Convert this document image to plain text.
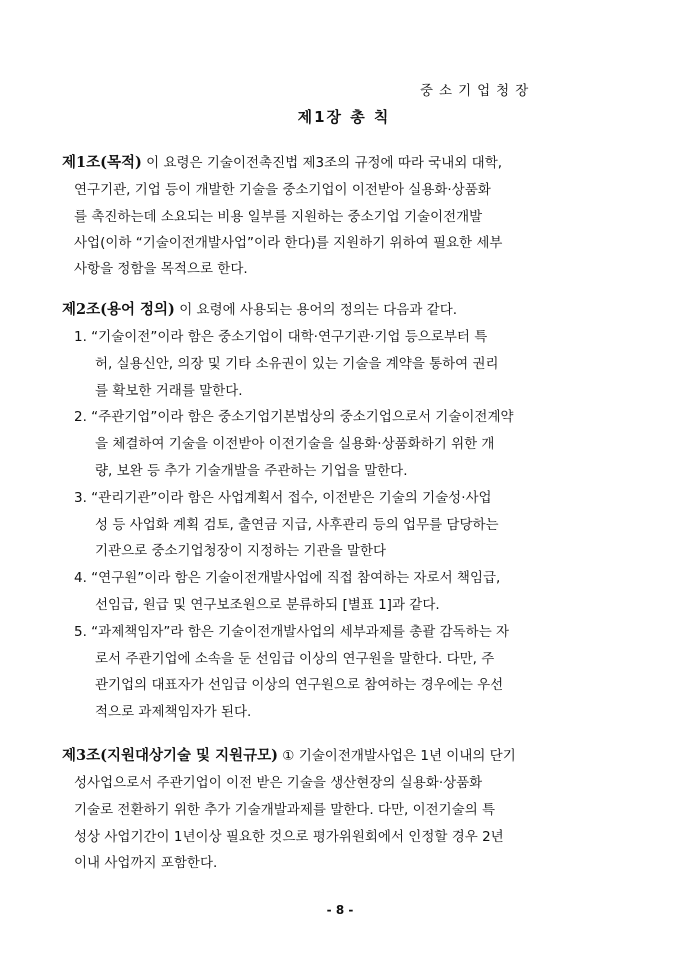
중소기업청장
제1장 총 칙
제1조(목적) 이 요령은 기술이전촉진법 제3조의 규정에 따라 국내외 대학,
연구기관, 기업 등이 개발한 기술을 중소기업이 이전받아 실용화·상품화
를 촉진하는데 소요되는 비용 일부를 지원하는 중소기업 기술이전개발
사업(이하 “기술이전개발사업”이라 한다)를 지원하기 위하여 필요한 세부
사항을 정함을 목적으로 한다.
제2조(용어 정의) 이 요령에 사용되는 용어의 정의는 다음과 같다.
1. “기술이전”이라 함은 중소기업이 대학·연구기관·기업 등으로부터 특
허, 실용신안, 의장 및 기타 소유권이 있는 기술을 계약을 통하여 권리
를 확보한 거래를 말한다.
2. “주관기업”이라 함은 중소기업기본법상의 중소기업으로서 기술이전계약
을 체결하여 기술을 이전받아 이전기술을 실용화·상품화하기 위한 개
량, 보완 등 추가 기술개발을 주관하는 기업을 말한다.
3. “관리기관”이라 함은 사업계획서 접수, 이전받은 기술의 기술성·사업
성 등 사업화 계획 검토, 출연금 지급, 사후관리 등의 업무를 담당하는
기관으로 중소기업청장이 지정하는 기관을 말한다
4. “연구원”이라 함은 기술이전개발사업에 직접 참여하는 자로서 책임급,
선임급, 원급 및 연구보조원으로 분류하되 [별표 1]과 같다.
5. “과제책임자”라 함은 기술이전개발사업의 세부과제를 총괄 감독하는 자
로서 주관기업에 소속을 둔 선임급 이상의 연구원을 말한다. 다만, 주
관기업의 대표자가 선임급 이상의 연구원으로 참여하는 경우에는 우선
적으로 과제책임자가 된다.
제3조(지원대상기술 및 지원규모) ① 기술이전개발사업은 1년 이내의 단기
성사업으로서 주관기업이 이전 받은 기술을 생산현장의 실용화·상품화
기술로 전환하기 위한 추가 기술개발과제를 말한다. 다만, 이전기술의 특
성상 사업기간이 1년이상 필요한 것으로 평가위원회에서 인정할 경우 2년
이내 사업까지 포함한다.
- 8 -
